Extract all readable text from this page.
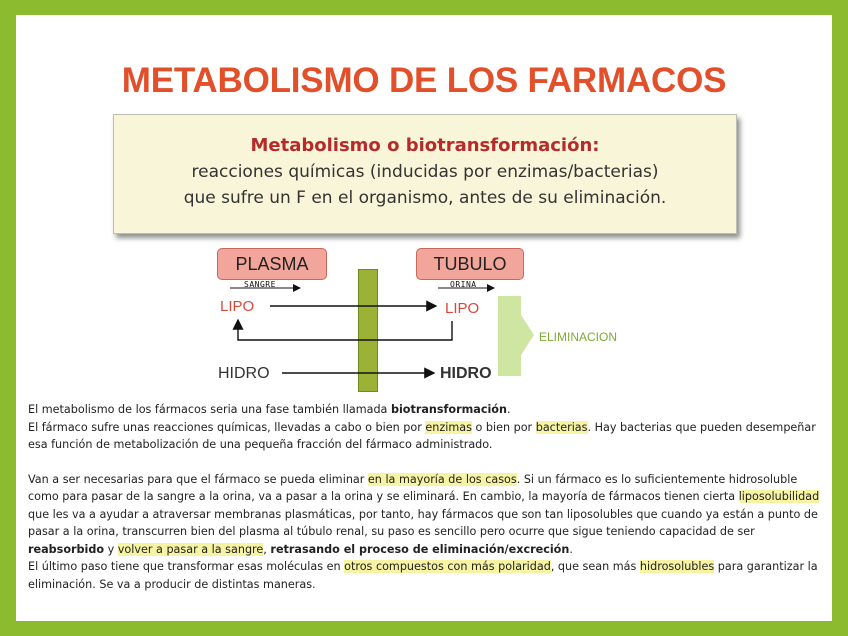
METABOLISMO DE LOS FARMACOS
Metabolismo o biotransformación:
reacciones químicas (inducidas por enzimas/bacterias)
que sufre un F en el organismo, antes de su eliminación.
PLASMA
SANGRE
TUBULO
ORINA
LIPO	LIPO
HIDRO	HIDRO
ELIMINACION

El metabolismo de los fármacos seria una fase también llamada biotransformación.

El fármaco sufre unas reacciones químicas, llevadas a cabo o bien por enzimas o bien por bacterias. Hay bacterias que pueden desempeñar esa función de metabolización de una pequeña fracción del fármaco administrado.

Van a ser necesarias para que el fármaco se pueda eliminar en la mayoría de los casos. Si un fármaco es lo suficientemente hidrosoluble como para pasar de la sangre a la orina, va a pasar a la orina y se eliminará. En cambio, la mayoría de fármacos tienen cierta liposolubilidad que les va a ayudar a atraversar membranas plasmáticas, por tanto, hay fármacos que son tan liposolubles que cuando ya están a punto de pasar a la orina, transcurren bien del plasma al túbulo renal, su paso es sencillo pero ocurre que sigue teniendo capacidad de ser reabsorbido y volver a pasar a la sangre, retrasando el proceso de eliminación/excreción.

El último paso tiene que transformar esas moléculas en otros compuestos con más polaridad, que sean más hidrosolubles para garantizar la eliminación. Se va a producir de distintas maneras.
